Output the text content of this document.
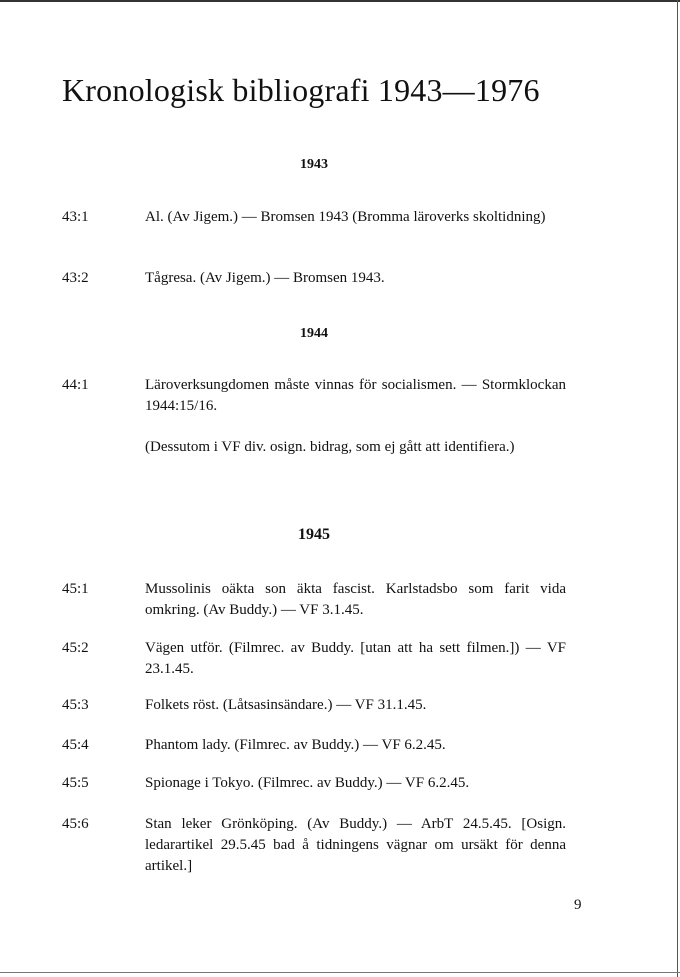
Kronologisk bibliografi 1943—1976
1943
43:1	Al. (Av Jigem.) — Bromsen 1943 (Bromma läroverks skoltidning)
43:2	Tågresa. (Av Jigem.) — Bromsen 1943.
1944
44:1	Läroverksungdomen måste vinnas för socialismen. — Stormklockan 1944:15/16.
(Dessutom i VF div. osign. bidrag, som ej gått att identifiera.)
1945
45:1	Mussolinis oäkta son äkta fascist. Karlstadsbo som farit vida omkring. (Av Buddy.) — VF 3.1.45.
45:2	Vägen utför. (Filmrec. av Buddy. [utan att ha sett filmen.]) — VF 23.1.45.
45:3	Folkets röst. (Låtsasinsändare.) — VF 31.1.45.
45:4	Phantom lady. (Filmrec. av Buddy.) — VF 6.2.45.
45:5	Spionage i Tokyo. (Filmrec. av Buddy.) — VF 6.2.45.
45:6	Stan leker Grönköping. (Av Buddy.) — ArbT 24.5.45. [Osign. ledarartikel 29.5.45 bad å tidningens vägnar om ursäkt för denna artikel.]
9
